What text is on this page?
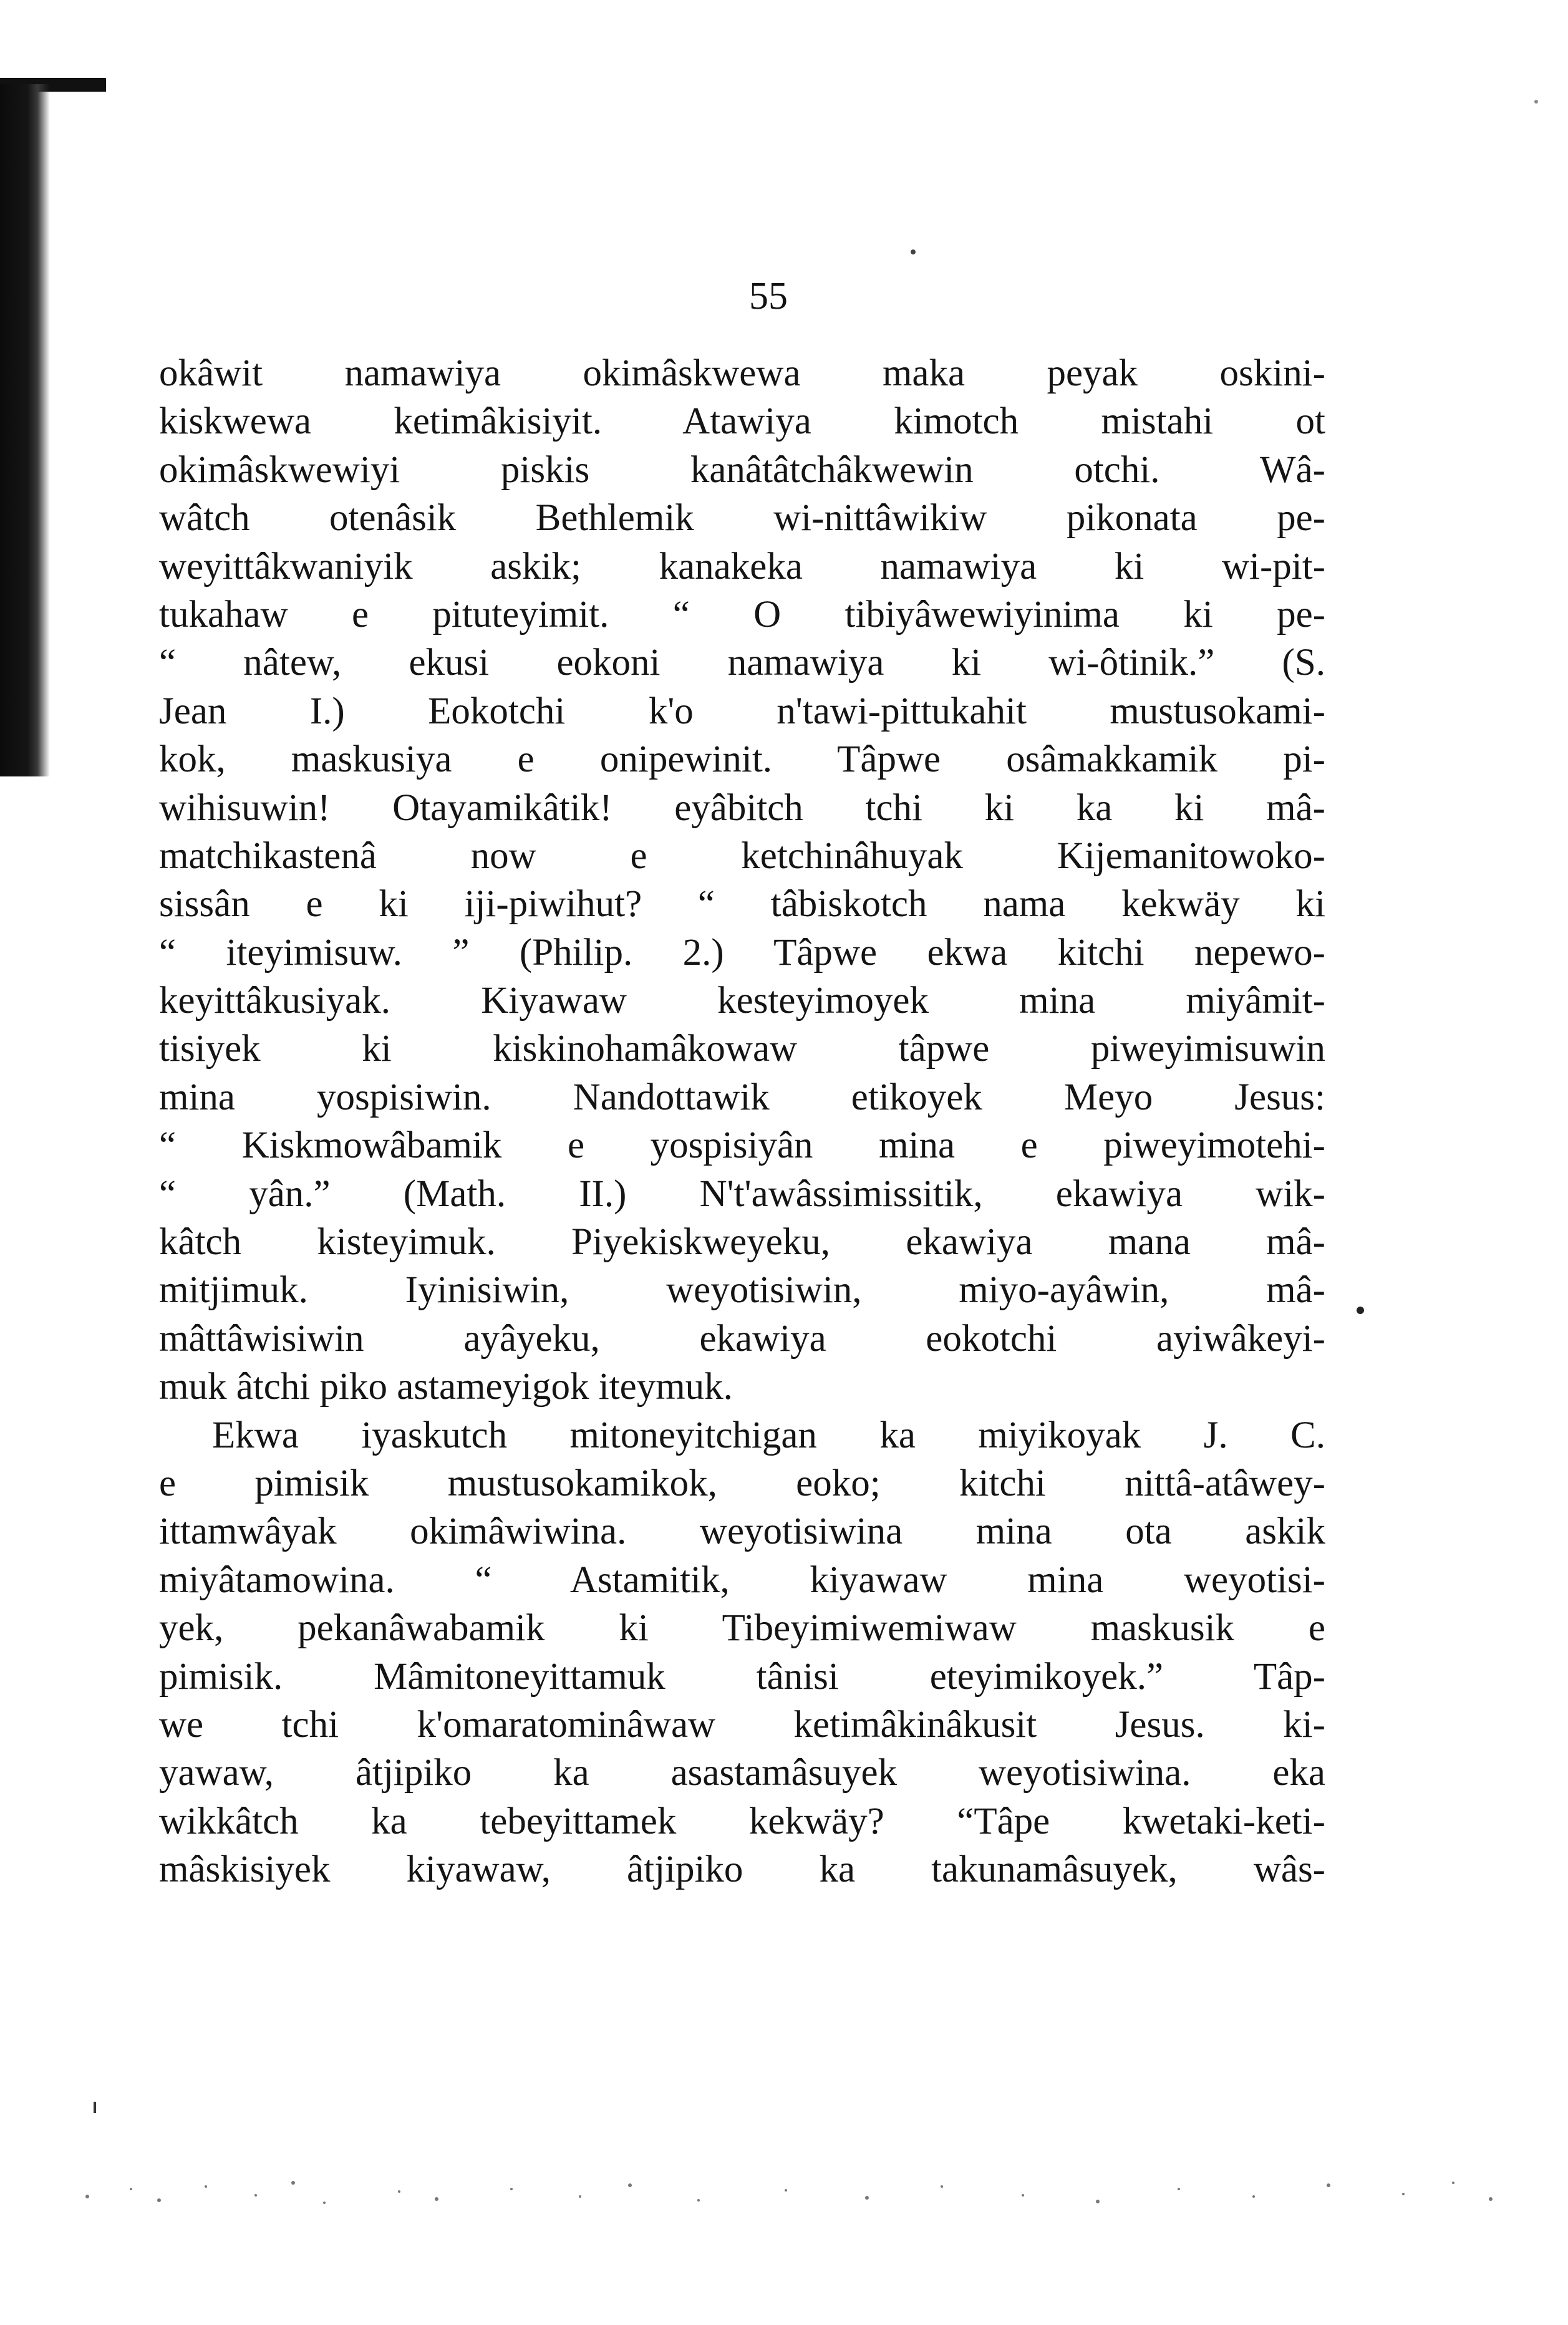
55
okâwit namawiya okimâskwewa maka peyak oskini-
kiskwewa ketimâkisiyit. Atawiya kimotch mistahi ot
okimâskwewiyi piskis kanâtâtchâkwewin otchi. Wâ-
wâtch otenâsik Bethlemik wi-nittâwikiw pikonata pe-
weyittâkwaniyik askik; kanakeka namawiya ki wi-pit-
tukahaw e pituteyimit. “ O tibiyâwewiyinima ki pe-
“ nâtew, ekusi eokoni namawiya ki wi-ôtinik.” (S.
Jean I.) Eokotchi k'o n'tawi-pittukahit mustusokami-
kok, maskusiya e onipewinit. Tâpwe osâmakkamik pi-
wihisuwin! Otayamikâtik! eyâbitch tchi ki ka ki mâ-
matchikastenâ now e ketchinâhuyak Kijemanitowoko-
sissân e ki iji-piwihut? “ tâbiskotch nama kekwäy ki
“ iteyimisuw. ” (Philip. 2.) Tâpwe ekwa kitchi nepewo-
keyittâkusiyak. Kiyawaw kesteyimoyek mina miyâmit-
tisiyek ki kiskinohamâkowaw tâpwe piweyimisuwin
mina yospisiwin. Nandottawik etikoyek Meyo Jesus:
“ Kiskmowâbamik e yospisiyân mina e piweyimotehi-
“ yân.” (Math. II.) N't'awâssimissitik, ekawiya wik-
kâtch kisteyimuk. Piyekiskweyeku, ekawiya mana mâ-
mitjimuk. Iyinisiwin, weyotisiwin, miyo-ayâwin, mâ-
mâttâwisiwin ayâyeku, ekawiya eokotchi ayiwâkeyi-
muk âtchi piko astameyigok iteymuk.
Ekwa iyaskutch mitoneyitchigan ka miyikoyak J. C.
e pimisik mustusokamikok, eoko; kitchi nittâ-atâwey-
ittamwâyak okimâwiwina. weyotisiwina mina ota askik
miyâtamowina. “ Astamitik, kiyawaw mina weyotisi-
yek, pekanâwabamik ki Tibeyimiwemiwaw maskusik e
pimisik. Mâmitoneyittamuk tânisi eteyimikoyek.” Tâp-
we tchi k'omaratominâwaw ketimâkinâkusit Jesus. ki-
yawaw, âtjipiko ka asastamâsuyek weyotisiwina. eka
wikkâtch ka tebeyittamek kekwäy? “Tâpe kwetaki-keti-
mâskisiyek kiyawaw, âtjipiko ka takunamâsuyek, wâs-
